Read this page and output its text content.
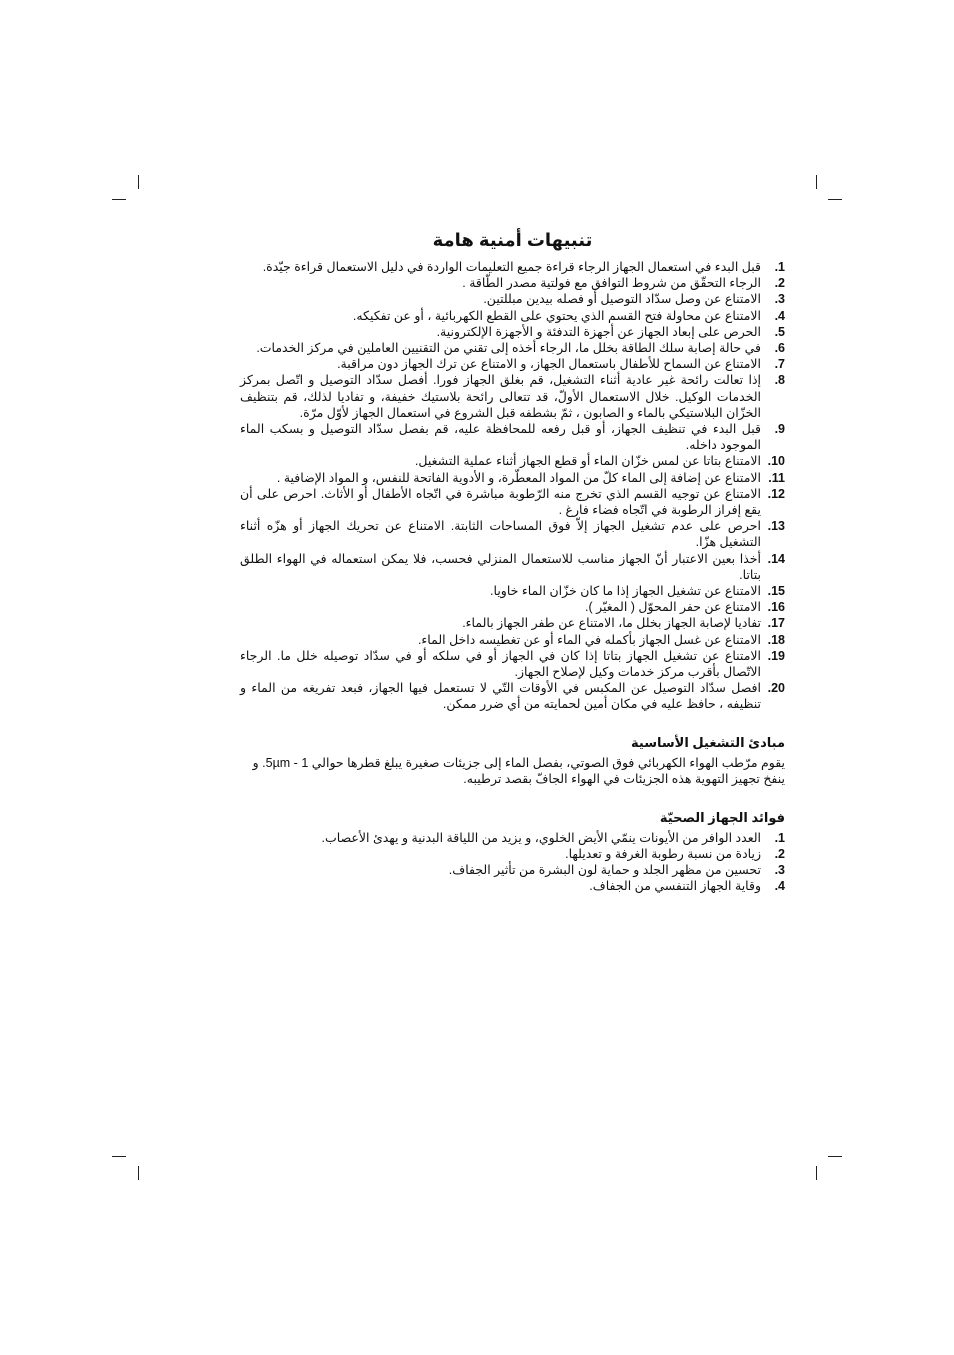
تنبيهات أمنية هامة
1.
قبل البدء في استعمال الجهاز الرجاء قراءة جميع التعليمات الواردة في دليل الاستعمال قراءة جيّدة.
2.
الرجاء التحقّق من شروط التوافق مع فولتية مصدر الطّاقة .
3.
الامتناع عن وصل سدّاد التوصيل أو فصله بيدين مبللتين.
4.
الامتناع عن محاولة فتح القسم الذي يحتوي على القطع الكهربائية ، أو عن تفكيكه.
5.
الحرص على إبعاد الجهاز عن أجهزة التدفئة و الأجهزة الإلكترونية.
6.
في حالة إصابة سلك الطاقة بخلل ما، الرجاء أخذه إلى تقني من التقنيين العاملين في مركز الخدمات.
7.
الامتناع عن السماح للأطفال باستعمال الجهاز، و الامتناع عن ترك الجهاز دون مراقبة.
8.
إذا تعالت رائحة غير عادية أثناء التشغيل، قم بغلق الجهاز فورا. أفصل سدّاد التوصيل و اتّصل بمركز الخدمات الوكيل. خلال الاستعمال الأولّ، قد تتعالى رائحة بلاستيك خفيفة، و تفاديا لذلك، قم بتنظيف الخزّان البلاستيكي بالماء و الصابون ، ثمّ بشطفه قبل الشروع في استعمال الجهاز لأوّل مرّة.
9.
قبل البدء في تنظيف الجهاز، أو قبل رفعه للمحافظة عليه، قم بفصل سدّاد التوصيل و بسكب الماء الموجود داخله.
10.
الامتناع بتاتا عن لمس خزّان الماء أو قطع الجهاز أثناء عملية التشغيل.
11.
الامتناع عن إضافة إلى الماء كلّ من المواد المعطّرة، و الأدوية الفاتحة للنفس، و المواد الإضافية .
12.
الامتناع عن توجيه القسم الذي تخرج منه الرّطوبة مباشرة في اتّجاه الأطفال أو الأثاث. احرص على أن يقع إفراز الرطوبة في اتّجاه فضاء فارغ .
13.
احرص على عدم تشغيل الجهاز إلاّ فوق المساحات الثابتة. الامتناع عن تحريك الجهاز أو هزّه أثناء التشغيل هزّا.
14.
أخذا بعين الاعتبار أنّ الجهاز مناسب للاستعمال المنزلي فحسب، فلا يمكن استعماله في الهواء الطلق بتاتا.
15.
الامتناع عن تشغيل الجهاز إذا ما كان خزّان الماء خاويا.
16.
الامتناع عن حفر المحوّل ( المغيّر ).
17.
تفاديا لإصابة الجهاز بخلل ما، الامتناع عن طفر الجهاز بالماء.
18.
الامتناع عن غسل الجهاز بأكمله في الماء أو عن تغطيسه داخل الماء.
19.
الامتناع عن تشغيل الجهاز بتاتا إذا كان في الجهاز أو في سلكه أو في سدّاد توصيله خلل ما. الرجاء الاتّصال بأقرب مركز خدمات وكيل لإصلاح الجهاز.
20.
افصل سدّاد التوصيل عن المكبس في الأوقات التّي لا تستعمل فيها الجهاز، فبعد تفريغه من الماء و تنظيفه ، حافظ عليه في مكان أمين لحمايته من أي ضرر ممكن.
مبادئ التشغيل الأساسية
يقوم مرّطب الهواء الكهربائي فوق الصوتي، بفصل الماء إلى جزيئات صغيرة يبلغ قطرها حوالي 1 - 5µm. و ينفخ تجهيز التهوية هذه الجزيئات في الهواء الجافّ بقصد ترطيبه.
فوائد الجهاز الصحيّة
1.
العدد الوافر من الأيونات ينمّي الأيض الخلوي، و يزيد من اللياقة البدنية و يهدئ الأعصاب.
2.
زيادة من نسبة رطوبة الغرفة و تعديلها.
3.
تحسين من مظهر الجلد و حماية لون البشرة من تأثير الجفاف.
4.
وقاية الجهاز التنفسي من الجفاف.
